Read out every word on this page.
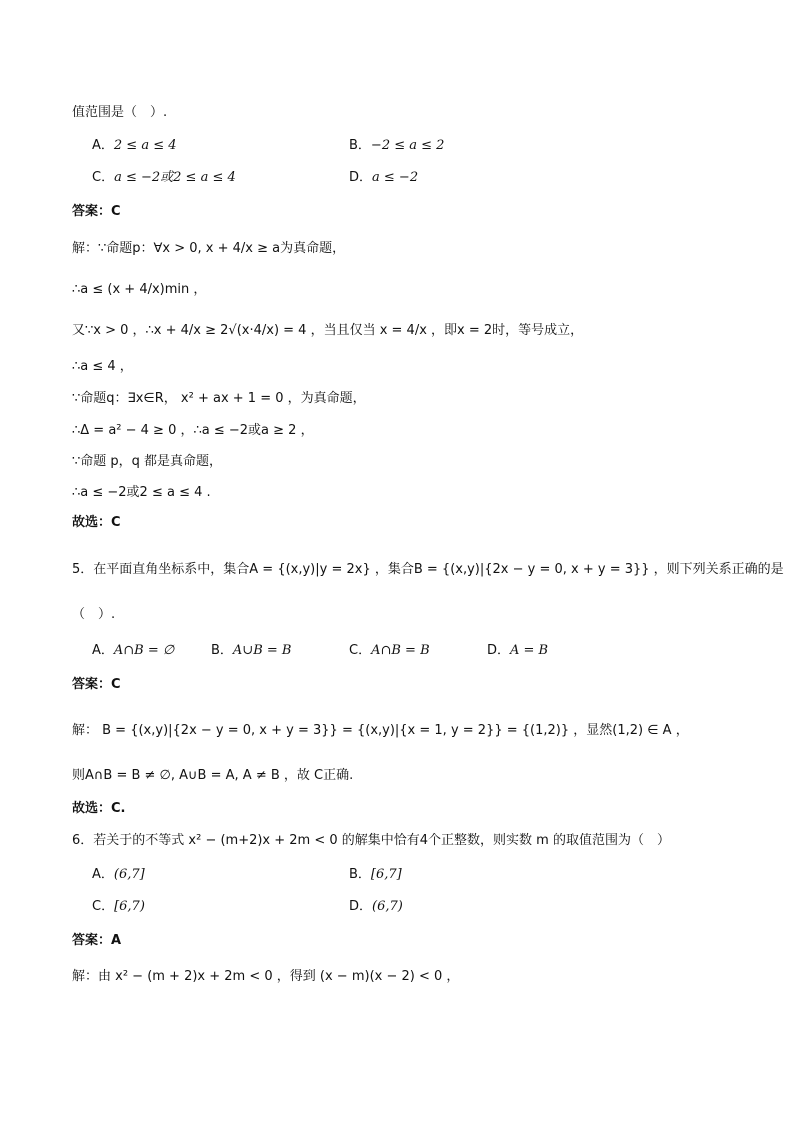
值范围是（　）.
A．2 ≤ a ≤ 4	B．−2 ≤ a ≤ 2
C．a ≤ −2或2 ≤ a ≤ 4	D．a ≤ −2
答案：C
解：∵命题p：∀x > 0, x + 4/x ≥ a为真命题，
∴a ≤ (x + 4/x)min ，
又∵x > 0 ，∴x + 4/x ≥ 2√(x·4/x) = 4 ，当且仅当 x = 4/x ，即x = 2时，等号成立，
∴a ≤ 4 ，
∵命题q：∃x∈R， x² + ax + 1 = 0 ，为真命题，
∴Δ = a² − 4 ≥ 0 ，∴a ≤ −2或a ≥ 2 ，
∵命题 p，q 都是真命题，
∴a ≤ −2或2 ≤ a ≤ 4 .
故选：C
5．在平面直角坐标系中，集合A = {(x,y)|y = 2x} ，集合B = {(x,y)|{2x − y = 0, x + y = 3}} ，则下列关系正确的是
（　）.
A．A∩B = ∅	B．A∪B = B	C．A∩B = B	D．A = B
答案：C
解： B = {(x,y)|{2x − y = 0, x + y = 3}} = {(x,y)|{x = 1, y = 2}} = {(1,2)} ，显然(1,2) ∈ A ，
则A∩B = B ≠ ∅, A∪B = A, A ≠ B ，故 C正确.
故选：C.
6．若关于的不等式 x² − (m+2)x + 2m < 0 的解集中恰有4个正整数，则实数 m 的取值范围为（　）
A．(6,7]	B．[6,7]
C．[6,7)	D．(6,7)
答案：A
解：由 x² − (m + 2)x + 2m < 0 ，得到 (x − m)(x − 2) < 0 ，
